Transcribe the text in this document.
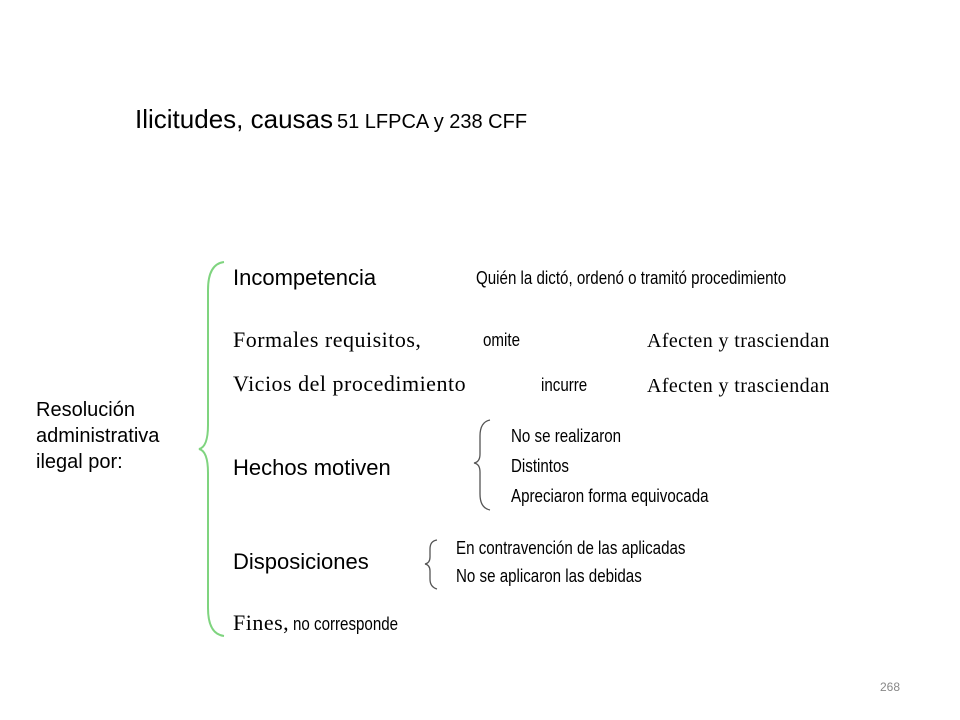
Ilicitudes, causas 51 LFPCA y 238 CFF
Resolución
administrativa
ilegal por:
Incompetencia	Quién la dictó, ordenó o tramitó procedimiento
Formales requisitos,	omite	Afecten y trasciendan
Vicios del procedimiento	incurre	Afecten y trasciendan
Hechos motiven
No se realizaron
Distintos
Apreciaron forma equivocada
Disposiciones
En contravención de las aplicadas
No se aplicaron las debidas
Fines, no corresponde
268
